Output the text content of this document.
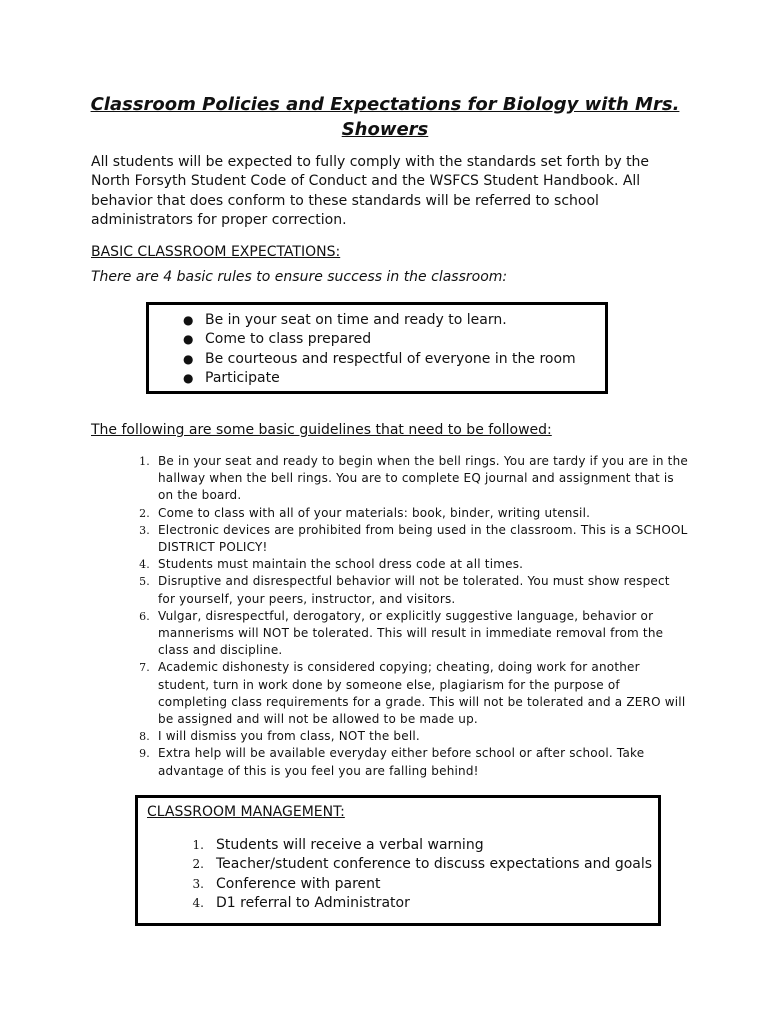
Classroom Policies and Expectations for Biology with Mrs. Showers

All students will be expected to fully comply with the standards set forth by the North Forsyth Student Code of Conduct and the WSFCS Student Handbook. All behavior that does conform to these standards will be referred to school administrators for proper correction.

BASIC CLASSROOM EXPECTATIONS:

There are 4 basic rules to ensure success in the classroom:

● Be in your seat on time and ready to learn.
● Come to class prepared
● Be courteous and respectful of everyone in the room
● Participate

The following are some basic guidelines that need to be followed:

1. Be in your seat and ready to begin when the bell rings. You are tardy if you are in the hallway when the bell rings. You are to complete EQ journal and assignment that is on the board.
2. Come to class with all of your materials: book, binder, writing utensil.
3. Electronic devices are prohibited from being used in the classroom. This is a SCHOOL DISTRICT POLICY!
4. Students must maintain the school dress code at all times.
5. Disruptive and disrespectful behavior will not be tolerated. You must show respect for yourself, your peers, instructor, and visitors.
6. Vulgar, disrespectful, derogatory, or explicitly suggestive language, behavior or mannerisms will NOT be tolerated. This will result in immediate removal from the class and discipline.
7. Academic dishonesty is considered copying; cheating, doing work for another student, turn in work done by someone else, plagiarism for the purpose of completing class requirements for a grade. This will not be tolerated and a ZERO will be assigned and will not be allowed to be made up.
8. I will dismiss you from class, NOT the bell.
9. Extra help will be available everyday either before school or after school. Take advantage of this is you feel you are falling behind!

CLASSROOM MANAGEMENT:

1. Students will receive a verbal warning
2. Teacher/student conference to discuss expectations and goals
3. Conference with parent
4. D1 referral to Administrator
